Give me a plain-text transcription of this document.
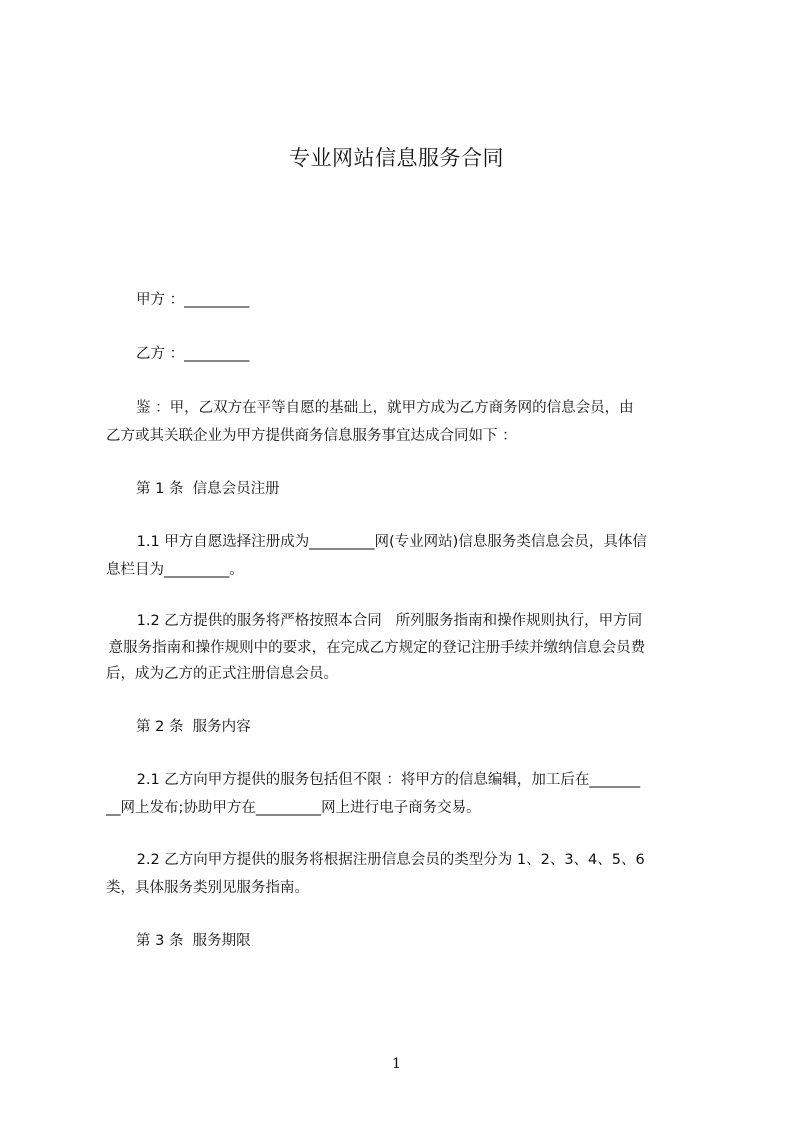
专业网站信息服务合同
甲方 ：_________
乙方 ：_________
鉴 ：甲，乙双方在平等自愿的基础上，就甲方成为乙方商务网的信息会员，由
乙方或其关联企业为甲方提供商务信息服务事宜达成合同如下 ：
第 1 条  信息会员注册
1.1 甲方自愿选择注册成为_________网(专业网站)信息服务类信息会员，具体信
息栏目为_________。
1.2 乙方提供的服务将严格按照本合同   所列服务指南和操作规则执行，甲方同
意服务指南和操作规则中的要求，在完成乙方规定的登记注册手续并缴纳信息会员费
后，成为乙方的正式注册信息会员。
第 2 条  服务内容
2.1 乙方向甲方提供的服务包括但不限 ：将甲方的信息编辑，加工后在_______
__网上发布;协助甲方在_________网上进行电子商务交易。
2.2 乙方向甲方提供的服务将根据注册信息会员的类型分为 1、2、3、4、5、6
类，具体服务类别见服务指南。
第 3 条  服务期限
1
